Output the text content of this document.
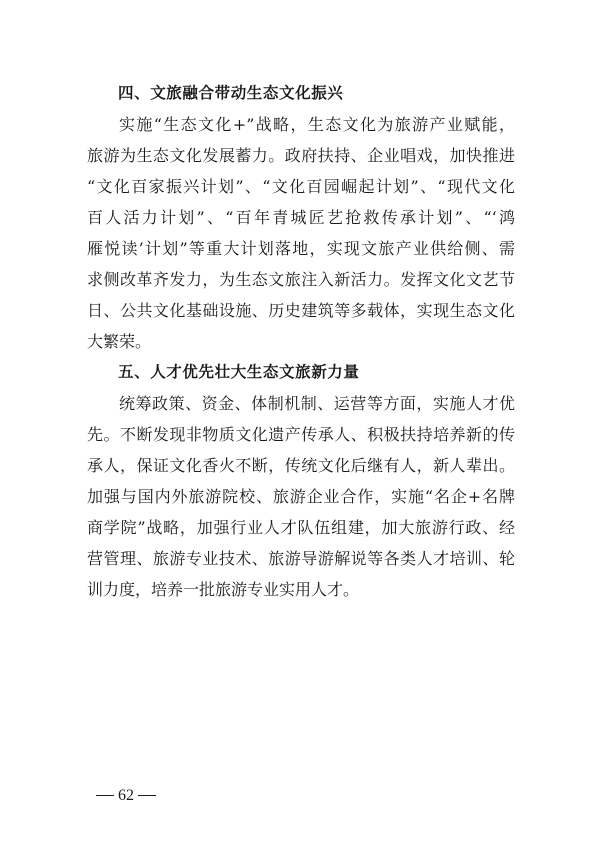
四、文旅融合带动生态文化振兴
实施“生态文化+”战略，生态文化为旅游产业赋能，
旅游为生态文化发展蓄力。政府扶持、企业唱戏，加快推进
“文化百家振兴计划”、“文化百园崛起计划”、“现代文化
百人活力计划”、“百年青城匠艺抢救传承计划”、“‘鸿
雁悦读’计划”等重大计划落地，实现文旅产业供给侧、需
求侧改革齐发力，为生态文旅注入新活力。发挥文化文艺节
日、公共文化基础设施、历史建筑等多载体，实现生态文化
大繁荣。
五、人才优先壮大生态文旅新力量
统筹政策、资金、体制机制、运营等方面，实施人才优
先。不断发现非物质文化遗产传承人、积极扶持培养新的传
承人，保证文化香火不断，传统文化后继有人，新人辈出。
加强与国内外旅游院校、旅游企业合作，实施“名企+名牌
商学院”战略，加强行业人才队伍组建，加大旅游行政、经
营管理、旅游专业技术、旅游导游解说等各类人才培训、轮
训力度，培养一批旅游专业实用人才。
62
